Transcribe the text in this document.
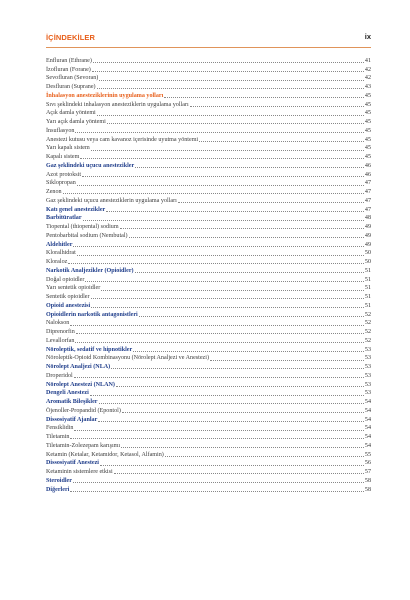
İÇİNDEKİLER	ix
Enfluran (Ethrane)	41
İzofluran (Forane)	42
Sevofluran (Sevoran)	42
Desfluran (Suprane)	43
İnhalasyon anesteziklerinin uygulama yolları	45
Sıvı şeklindeki inhalasyon anesteziklerin uygulama yolları	45
Açık damla yöntemi	45
Yarı açık damla yöntemi	45
İnsuflasyon	45
Anestezi kutusu veya cam kavanoz içerisinde uyutma yöntemi	45
Yarı kapalı sistem	45
Kapalı sistem	45
Gaz şeklindeki uçucu anestezikler	46
Azot protoksit	46
Siklopropan	47
Zenon	47
Gaz şeklindeki uçucu anesteziklerin uygulama yolları	47
Katı genel anestezikler	47
Barbitüratlar	48
Tiopental (thiopental) sodium	49
Pentobarbital sodium (Nembutal)	49
Aldehitler	49
Kloralhidrat	50
Kloraloz	50
Narkotik Analjezikler (Opioidler)	51
Doğal opioidler	51
Yarı sentetik opioidler	51
Sentetik opioidler	51
Opioid anestezisi	51
Opioidlerin narkotik antagonistleri	52
Nalokson	52
Diprenorfin	52
Levallorfan	52
Nöroleptik, sedatif ve hipnotikler	53
Nöroleptik-Opioid Kombinasyonu (Nörolept Analjezi ve Anestezi)	53
Nörolept Analjezi (NLA)	53
Droperidol	53
Nörolept Anestezi (NLAN)	53
Dengeli Anestezi	53
Aromatik Bileşikler	54
Öjenoller-Propandid (Epontol)	54
Dissosiyatif Ajanlar	54
Fensiklidin	54
Tiletamin	54
Tiletamin-Zolezepam karışımı	54
Ketamin (Ketalar, Ketamidor, Ketasol, Alfamin)	55
Dissosiyatif Anestezi	56
Ketaminin sistemlere etkisi	57
Steroidler	58
Diğerleri	58
